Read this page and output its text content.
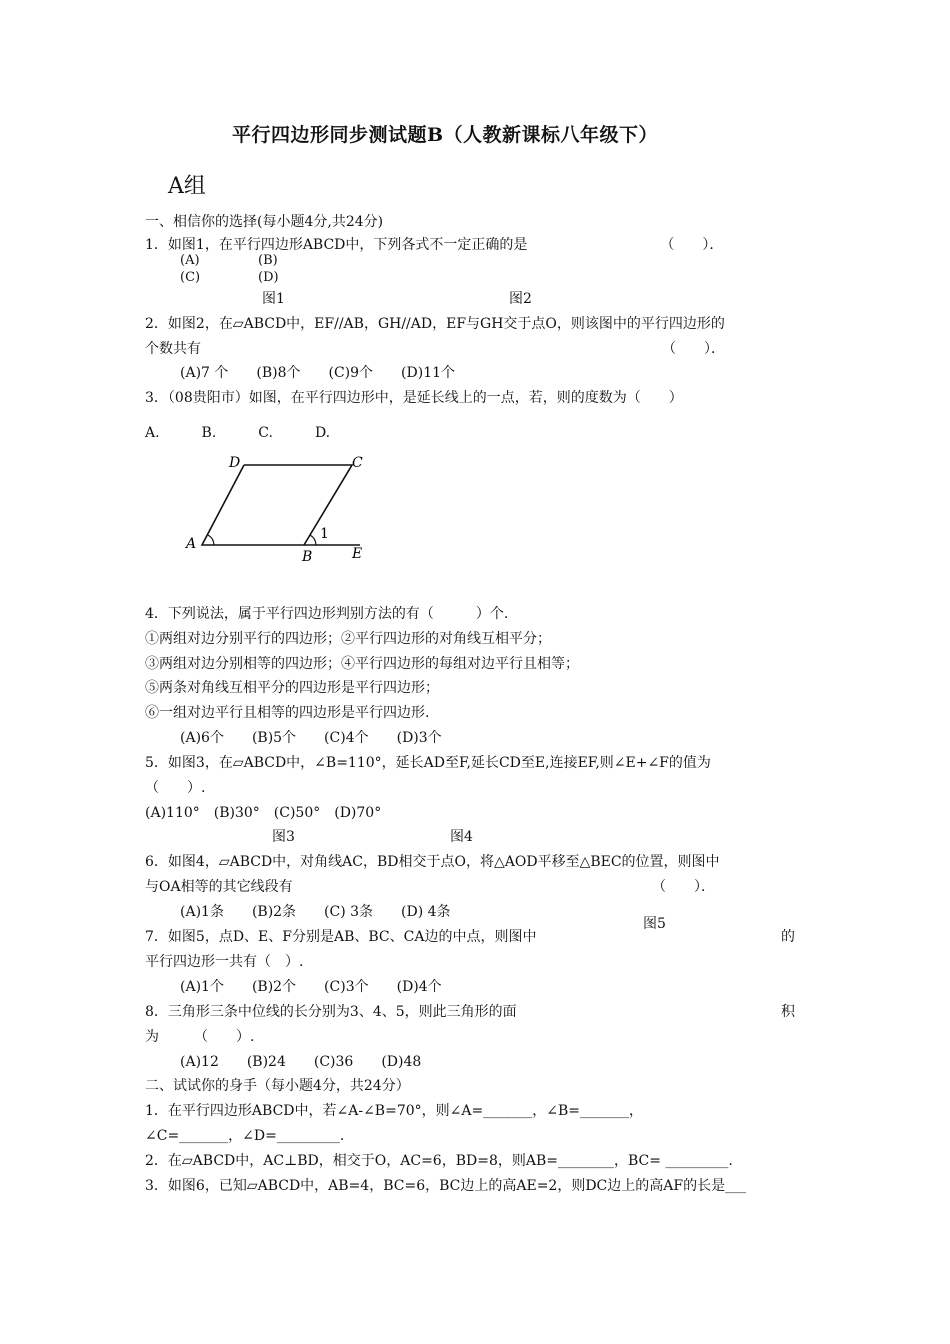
平行四边形同步测试题B（人教新课标八年级下）
A组
一、相信你的选择(每小题4分,共24分)
1．如图1，在平行四边形ABCD中，下列各式不一定正确的是　　　　　　　　　　（　　）．
(A)	(B)
(C)	(D)
图1	图2
2．如图2，在▱ABCD中，EF//AB，GH//AD，EF与GH交于点O，则该图中的平行四边形的
个数共有	（　　）．
(A)7 个　　(B)8个　　(C)9个　　(D)11个
3．（08贵阳市）如图，在平行四边形中，是延长线上的一点，若，则的度数为（　　）
A.　　　B.　　　C.　　　D.
D	C
A
B	E
1
4．下列说法，属于平行四边形判别方法的有（　　　）个.
①两组对边分别平行的四边形；②平行四边形的对角线互相平分；
③两组对边分别相等的四边形；④平行四边形的每组对边平行且相等；
⑤两条对角线互相平分的四边形是平行四边形；
⑥一组对边平行且相等的四边形是平行四边形.
(A)6个　　(B)5个　　(C)4个　　(D)3个
5．如图3，在▱ABCD中，∠B=110°，延长AD至F,延长CD至E,连接EF,则∠E+∠F的值为
（　　）.
(A)110°　(B)30°　(C)50°　(D)70°
图3	图4
6．如图4，▱ABCD中，对角线AC，BD相交于点O，将△AOD平移至△BEC的位置，则图中
与OA相等的其它线段有	（　　）．
(A)1条　　(B)2条　　(C) 3条　　(D) 4条
图5
7．如图5，点D、E、F分别是AB、BC、CA边的中点，则图中	的
平行四边形一共有（　）.
(A)1个　　(B)2个　　(C)3个　　(D)4个
8．三角形三条中位线的长分别为3、4、5，则此三角形的面	积
为　　　（　　）.
(A)12　　(B)24　　(C)36　　(D)48
二、试试你的身手（每小题4分，共24分）
1．在平行四边形ABCD中，若∠A-∠B=70°，则∠A=_______，∠B=_______，
∠C=_______，∠D=_________.
2．在▱ABCD中，AC⊥BD，相交于O，AC=6，BD=8，则AB=________，BC= _________.
3．如图6，已知▱ABCD中，AB=4，BC=6，BC边上的高AE=2，则DC边上的高AF的长是___
